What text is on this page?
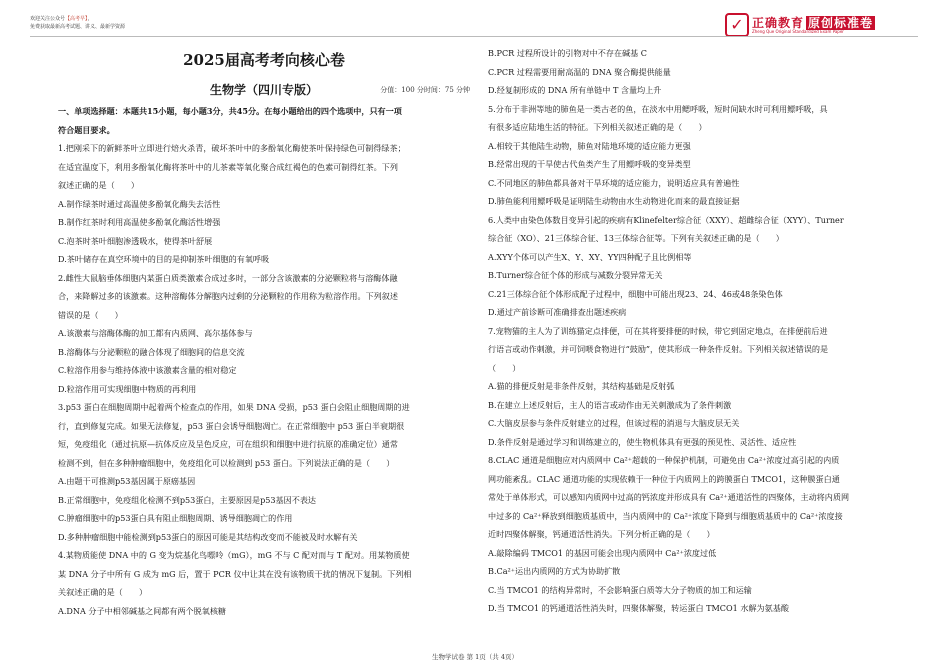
欢迎关注公众号【高考早】，
免费获取最新高考试题、讲义、最新学资源	✓ 正确教育 原创标准卷
Zheng Que Original Standardized Exam Paper
2025届高考考向核心卷
生物学（四川专版）	分值：100 分时间：75 分钟

一、单项选择题：本题共15小题，每小题3分，共45分。在每小题给出的四个选项中，只有一项

符合题目要求。

1.把刚采下的新鲜茶叶立即进行焙火杀青，破坏茶叶中的多酚氧化酶使茶叶保持绿色可制得绿茶；

在适宜温度下，利用多酚氧化酶将茶叶中的儿茶素等氧化聚合成红褐色的色素可制得红茶。下列

叙述正确的是（　　）

A.制作绿茶时通过高温使多酚氧化酶失去活性

B.制作红茶时利用高温使多酚氧化酶活性增强

C.泡茶时茶叶细胞渗透吸水，使得茶叶舒展

D.茶叶储存在真空环境中的目的是抑制茶叶细胞的有氧呼吸

2.雌性大鼠脑垂体细胞内某蛋白质类激素合成过多时，一部分含该激素的分泌颗粒将与溶酶体融

合，来降解过多的该激素。这种溶酶体分解胞内过剩的分泌颗粒的作用称为粒溶作用。下列叙述

错误的是（　　）

A.该激素与溶酶体酶的加工都有内质网、高尔基体参与

B.溶酶体与分泌颗粒的融合体现了细胞间的信息交流

C.粒溶作用参与维持体液中该激素含量的相对稳定

D.粒溶作用可实现细胞中物质的再利用

3.p53 蛋白在细胞周期中起着两个检查点的作用，如果 DNA 受损，p53 蛋白会阻止细胞周期的进

行，直到修复完成。如果无法修复，p53 蛋白会诱导细胞凋亡。在正常细胞中 p53 蛋白半衰期很

短，免疫组化（通过抗原—抗体反应及呈色反应，可在组织和细胞中进行抗原的准确定位）通常

检测不到，但在多种肿瘤细胞中，免疫组化可以检测到 p53 蛋白。下列说法正确的是（　　）

A.由题干可推测p53基因属于原癌基因

B.正常细胞中，免疫组化检测不到p53蛋白，主要原因是p53基因不表达

C.肿瘤细胞中的p53蛋白具有阻止细胞周期、诱导细胞凋亡的作用

D.多种肿瘤细胞中能检测到p53蛋白的原因可能是其结构改变而不能被及时水解有关

4.某物质能使 DNA 中的 G 变为烷基化鸟嘌呤（mG），mG 不与 C 配对而与 T 配对。用某物质使

某 DNA 分子中所有 G 成为 mG 后，置于 PCR 仪中让其在没有该物质干扰的情况下复制。下列相

关叙述正确的是（　　）

A.DNA 分子中相邻碱基之间都有两个脱氧核糖

B.PCR 过程所设计的引物对中不存在碱基 C

C.PCR 过程需要用耐高温的 DNA 聚合酶提供能量

D.经复制形成的 DNA 所有单链中 T 含量均上升

5.分布于非洲等地的肺鱼是一类古老的鱼，在淡水中用鳃呼吸，短时间缺水时可利用鳔呼吸，具

有很多适应陆地生活的特征。下列相关叙述正确的是（　　）

A.相较于其他陆生动物，肺鱼对陆地环境的适应能力更强

B.经常出现的干旱使古代鱼类产生了用鳔呼吸的变异类型

C.不同地区的肺鱼都具备对干旱环境的适应能力，说明适应具有普遍性

D.肺鱼能利用鳔呼吸是证明陆生动物由水生动物进化而来的最直接证据

6.人类中由染色体数目变异引起的疾病有Klinefelter综合征（XXY）、超雌综合征（XYY）、Turner

综合征（XO）、21三体综合征、13三体综合征等。下列有关叙述正确的是（　　）

A.XYY个体可以产生X、Y、XY、YY四种配子且比例相等

B.Turner综合征个体的形成与减数分裂异常无关

C.21三体综合征个体形成配子过程中，细胞中可能出现23、24、46或48条染色体

D.通过产前诊断可准确排查出题述疾病

7.宠物猫的主人为了训练猫定点排便，可在其将要排便的时候，带它到固定地点，在排便前后进

行语言或动作刺激，并可饲喂食物进行“鼓励”，使其形成一种条件反射。下列相关叙述错误的是

（　　）

A.猫的排便反射是非条件反射，其结构基础是反射弧

B.在建立上述反射后，主人的语言或动作由无关刺激成为了条件刺激

C.大脑皮层参与条件反射建立的过程，但该过程的消退与大脑皮层无关

D.条件反射是通过学习和训练建立的，使生物机体具有更强的预见性、灵活性、适应性

8.CLAC 通道是细胞应对内质网中 Ca²⁺超载的一种保护机制，可避免由 Ca²⁺浓度过高引起的内质

网功能紊乱。CLAC 通道功能的实现依赖于一种位于内质网上的跨膜蛋白 TMCO1，这种膜蛋白通

常处于单体形式，可以感知内质网中过高的钙浓度并形成具有 Ca²⁺通道活性的四聚体，主动将内质网

中过多的 Ca²⁺释放到细胞质基质中，当内质网中的 Ca²⁺浓度下降到与细胞质基质中的 Ca²⁺浓度接

近时四聚体解聚，钙通道活性消失。下列分析正确的是（　　）

A.敲除编码 TMCO1 的基因可能会出现内质网中 Ca²⁺浓度过低

B.Ca²⁺运出内质网的方式为协助扩散

C.当 TMCO1 的结构异常时，不会影响蛋白质等大分子物质的加工和运输

D.当 TMCO1 的钙通道活性消失时，四聚体解聚，转运蛋白 TMCO1 水解为氨基酸

生物学试卷 第 1页（共 4页）
